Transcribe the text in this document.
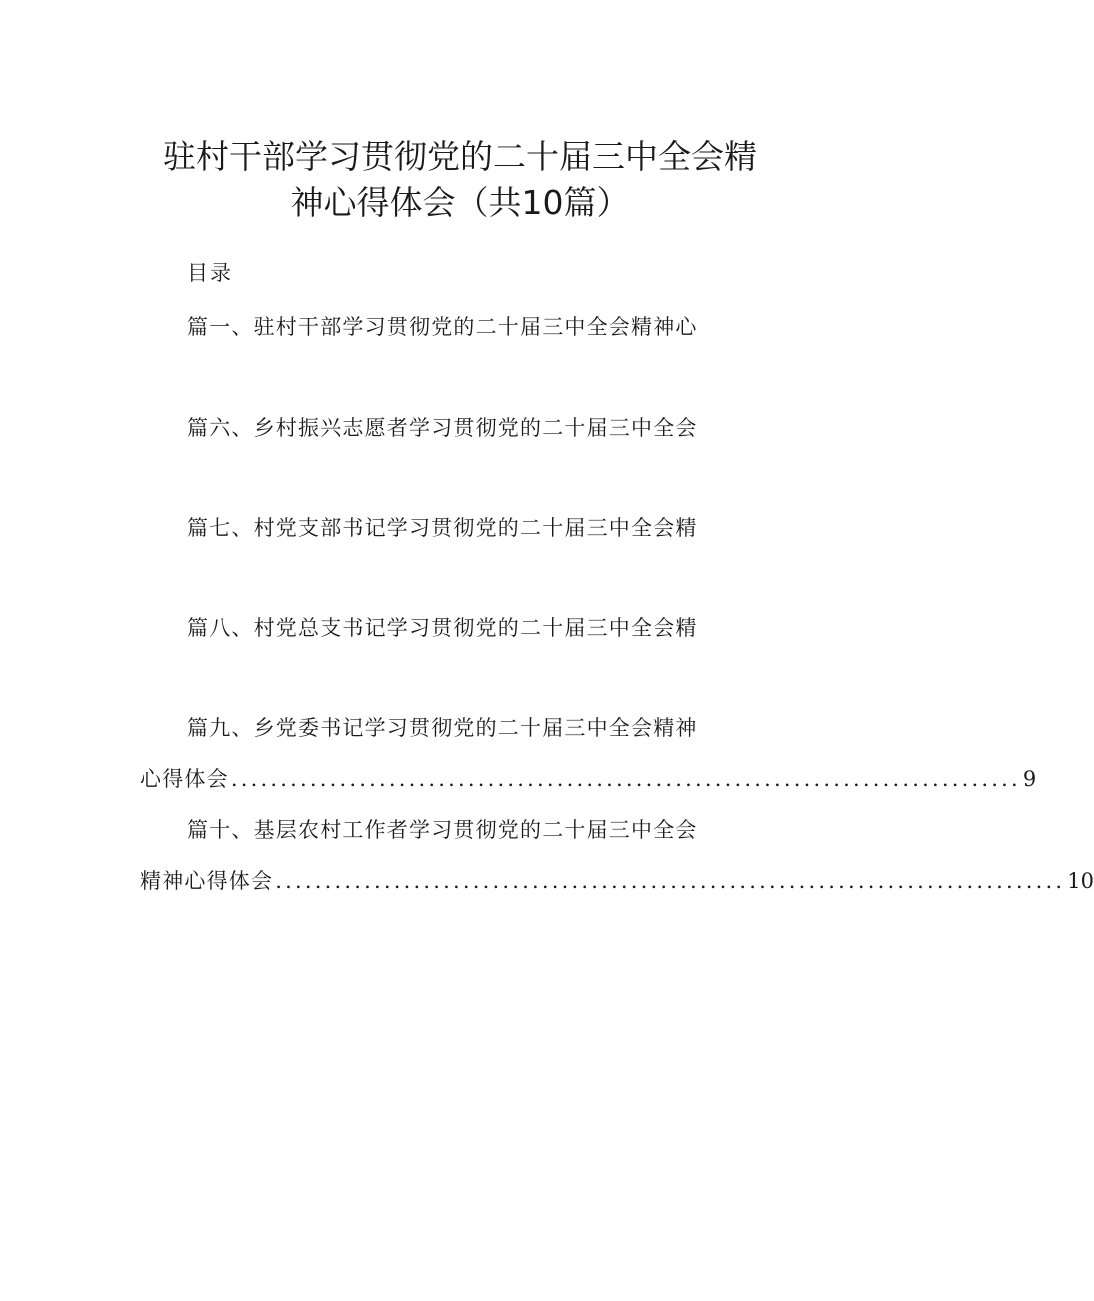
驻村干部学习贯彻党的二十届三中全会精
神心得体会（共10篇）
目录
篇一、驻村干部学习贯彻党的二十届三中全会精神心
篇六、乡村振兴志愿者学习贯彻党的二十届三中全会
篇七、村党支部书记学习贯彻党的二十届三中全会精
篇八、村党总支书记学习贯彻党的二十届三中全会精
篇九、乡党委书记学习贯彻党的二十届三中全会精神
心得体会 ................................................................................ 9
篇十、基层农村工作者学习贯彻党的二十届三中全会
精神心得体会 ................................................................................ 10
